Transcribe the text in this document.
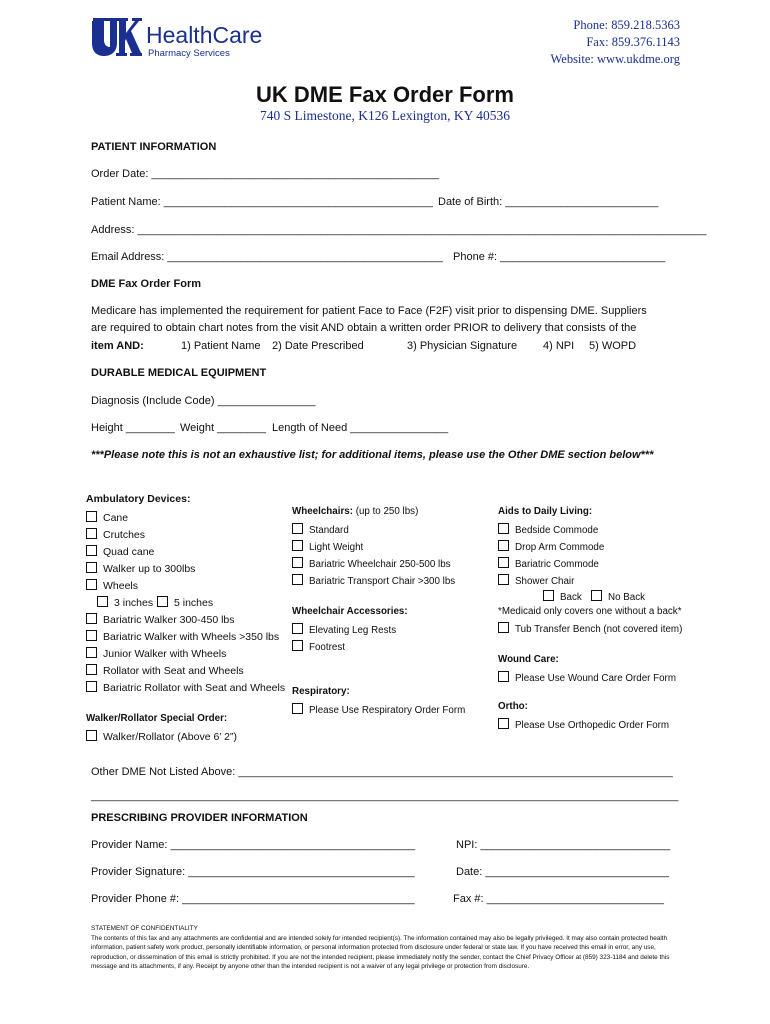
HealthCare
Pharmacy Services
Phone: 859.218.5363
Fax: 859.376.1143
Website: www.ukdme.org
UK DME Fax Order Form
740 S Limestone, K126 Lexington, KY 40536
PATIENT INFORMATION
Order Date: _______________________________________________
Patient Name: ____________________________________________ Date of Birth: _________________________
Address: _____________________________________________________________________________________________
Email Address: _____________________________________________ Phone #: ___________________________
DME Fax Order Form
Medicare has implemented the requirement for patient Face to Face (F2F) visit prior to dispensing DME. Suppliers
are required to obtain chart notes from the visit AND obtain a written order PRIOR to delivery that consists of the
item AND:	1) Patient Name 2) Date Prescribed	3) Physician Signature 4) NPI 5) WOPD
DURABLE MEDICAL EQUIPMENT
Diagnosis (Include Code) ________________
Height ________ Weight ________ Length of Need ________________
***Please note this is not an exhaustive list; for additional items, please use the Other DME section below***
Ambulatory Devices:
Cane
Crutches
Quad cane
Walker up to 300lbs
Wheels
3 inches	5 inches
Bariatric Walker 300-450 lbs
Bariatric Walker with Wheels >350 lbs
Junior Walker with Wheels
Rollator with Seat and Wheels
Bariatric Rollator with Seat and Wheels
Walker/Rollator Special Order:
Walker/Rollator (Above 6’ 2”)
Wheelchairs: (up to 250 lbs)
Standard
Light Weight
Bariatric Wheelchair 250-500 lbs
Bariatric Transport Chair >300 lbs
Wheelchair Accessories:
Elevating Leg Rests
Footrest
Respiratory:
Please Use Respiratory Order Form
Aids to Daily Living:
Bedside Commode
Drop Arm Commode
Bariatric Commode
Shower Chair
Back	No Back
*Medicaid only covers one without a back*
Tub Transfer Bench (not covered item)
Wound Care:
Please Use Wound Care Order Form
Ortho:
Please Use Orthopedic Order Form
Other DME Not Listed Above: _______________________________________________________________________
________________________________________________________________________________________________
PRESCRIBING PROVIDER INFORMATION
Provider Name: ________________________________________	NPI: _______________________________
Provider Signature: _____________________________________	Date: ______________________________
Provider Phone #: ______________________________________	Fax #: _____________________________
STATEMENT OF CONFIDENTIALITY
The contents of this fax and any attachments are confidential and are intended solely for intended recipient(s). The information contained may also be legally privileged. It may also contain protected health information, patient safety work product, personally identifiable information, or personal information protected from disclosure under federal or state law. If you have received this email in error, any use, reproduction, or dissemination of this email is strictly prohibited. If you are not the intended recipient, please immediately notify the sender, contact the Chief Privacy Officer at (859) 323-1184 and delete this message and its attachments, if any. Receipt by anyone other than the intended recipient is not a waiver of any legal privilege or protection from disclosure.
